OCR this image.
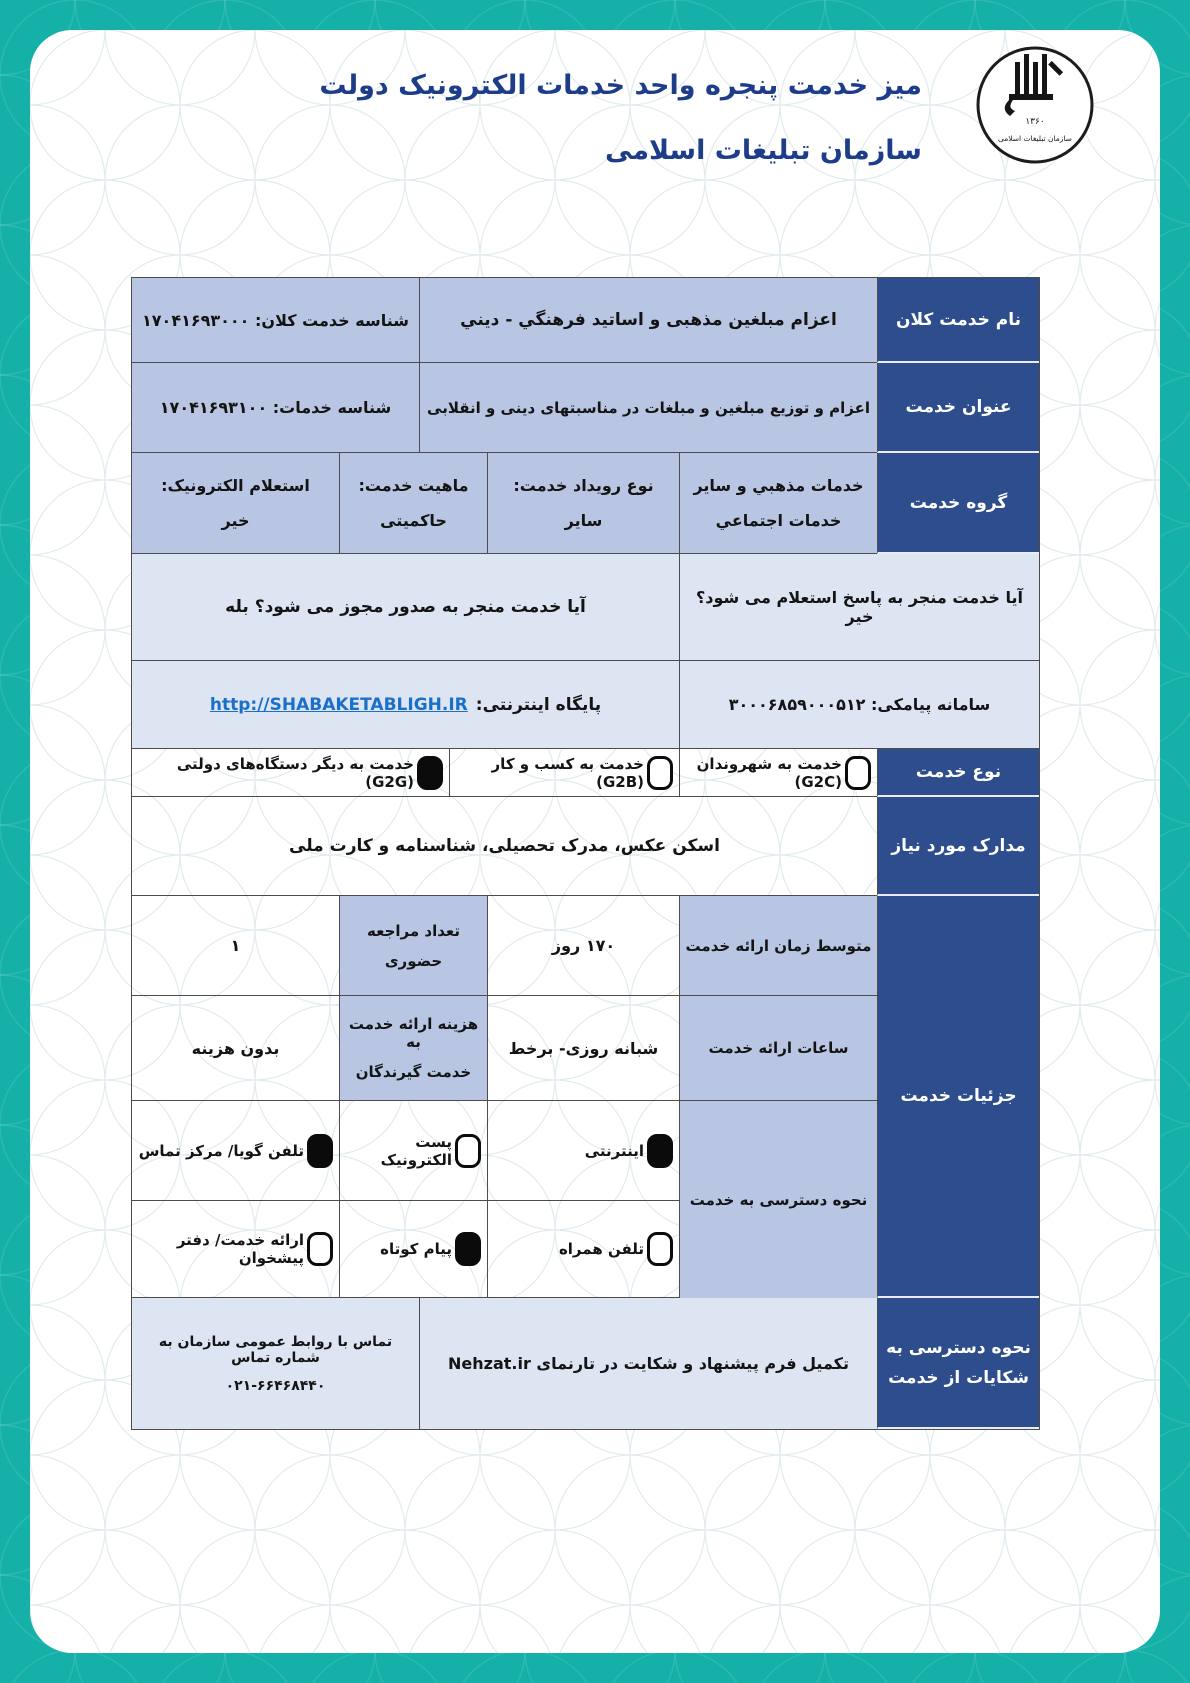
میز خدمت پنجره واحد خدمات الکترونیک دولت
سازمان تبلیغات اسلامی
۱۳۶۰
سازمان تبلیغات اسلامی
نام خدمت کلان
اعزام مبلغین مذهبی و اساتید فرهنگي - دیني
شناسه خدمت کلان: ۱۷۰۴۱۶۹۳۰۰۰
عنوان خدمت
اعزام و توزیع مبلغین و مبلغات در مناسبتهای دینی و انقلابی
شناسه خدمات: ۱۷۰۴۱۶۹۳۱۰۰
گروه خدمت
خدمات مذهبي و سایر
خدمات اجتماعي
نوع رویداد خدمت:
سایر
ماهیت خدمت:
حاکمیتی
استعلام الکترونیک:
خیر
آیا خدمت منجر به پاسخ استعلام می شود؟ خیر
آیا خدمت منجر به صدور مجوز می شود؟ بله
سامانه پیامکی: ۳۰۰۰۶۸۵۹۰۰۰۵۱۲
پایگاه اینترنتی:
http://SHABAKETABLIGH.IR
نوع خدمت
خدمت به شهروندان (G2C)
خدمت به کسب و کار (G2B)
خدمت به دیگر دستگاه‌های دولتی (G2G)
مدارک مورد نیاز
اسکن عکس، مدرک تحصیلی، شناسنامه و کارت ملی
جزئیات خدمت
متوسط زمان ارائه خدمت
۱۷۰ روز
تعداد مراجعه
حضوری
۱
ساعات ارائه خدمت
شبانه روزی- برخط
هزینه ارائه خدمت به
خدمت گیرندگان
بدون هزینه
نحوه دسترسی به خدمت
اینترنتی
پست الکترونیک
تلفن گویا/ مرکز تماس
تلفن همراه
پیام کوتاه
ارائه خدمت/ دفتر پیشخوان
نحوه دسترسی به
شکایات از خدمت
تکمیل فرم پیشنهاد و شکایت در تارنمای Nehzat.ir
تماس با روابط عمومی سازمان به شماره تماس
۰۲۱-۶۶۴۶۸۴۴۰
